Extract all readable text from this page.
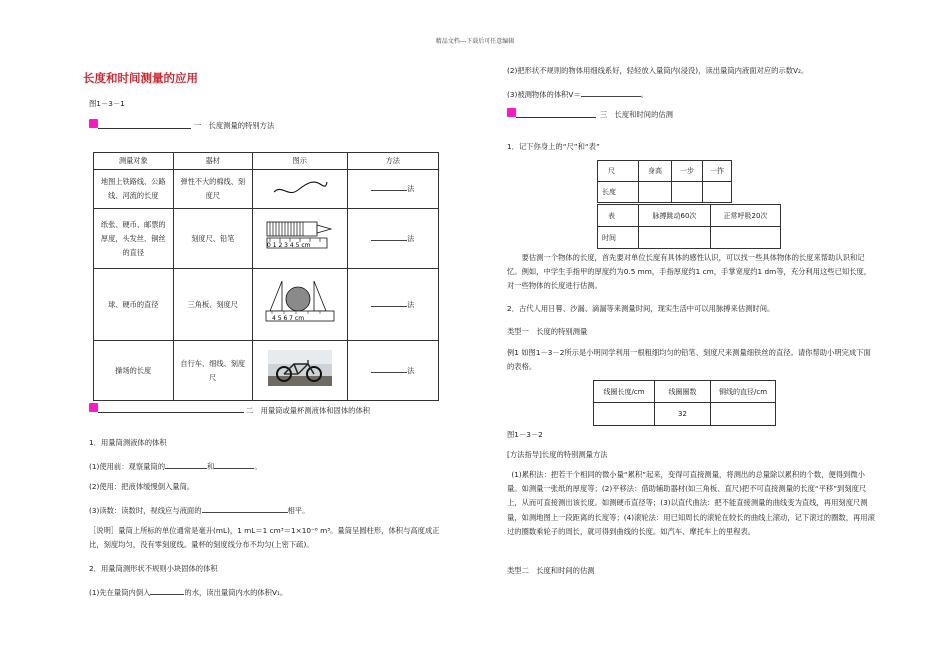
精品文档---下载后可任意编辑
长度和时间测量的应用
图1－3－1
一　长度测量的特别方法
测量对象	器材	图示	方法
地图上铁路线、公路线、河流的长度	弹性不大的棉线、刻度尺		法
纸张、硬币、邮票的厚度，头发丝、铜丝的直径	刻度尺、铅笔	0 1 2 3 4 5 cm	法
球、硬币的直径	三角板、刻度尺	4 5 6 7 cm	法
操场的长度	自行车、细线、刻度尺		法
二　用量筒或量杯测液体和固体的体积
1．用量筒测液体的体积
(1)使用前：观察量筒的	和	。
(2)使用：把液体缓慢倒入量筒。
(3)读数：读数时，视线应与液面的	相平。
［说明］量筒上所标的单位通常是毫升(mL)，1 mL＝1 cm³＝1×10⁻⁶ m³。量筒呈圆柱形，体积与高度成正比，刻度均匀，没有零刻度线。量杯的刻度线分布不均匀(上密下疏)。
2．用量筒测形状不规则小块固体的体积
(1)先在量筒内倒入	的水，读出量筒内水的体积V₁。
(2)把形状不规则的物体用细线系好，轻轻放入量筒内(浸没)，读出量筒内液面对应的示数V₂。
(3)被测物体的体积V＝	。
三　长度和时间的估测
1．记下你身上的“尺”和“表”
尺	身高	一步	一拃
长度			
表	脉搏跳动60次	正常呼吸20次
时间		
要估测一个物体的长度，首先要对单位长度有具体的感性认识，可以找一些具体物体的长度来帮助认识和记忆。例如，中学生手指甲的厚度约为0.5 mm，手指厚度约1 cm，手掌宽度约1 dm等，充分利用这些已知长度，对一些物体的长度进行估测。
2．古代人用日晷、沙漏、滴漏等来测量时间，现实生活中可以用脉搏来估测时间。
类型一　长度的特别测量
例1 如图1－3－2所示是小明同学利用一根粗细均匀的铅笔、刻度尺来测量细铁丝的直径。请你帮助小明完成下面的表格。
线圈长度/cm	线圈圈数	铜线的直径/cm
	32	
图1－3－2
[方法指导]长度的特别测量方法
(1)累积法：把若干个相同的微小量“累积”起来，变得可直接测量，将测出的总量除以累积的个数，便得到微小量。如测量一张纸的厚度等；(2)平移法：借助辅助器材(如三角板、直尺)把不可直接测量的长度“平移”到刻度尺上，从而可直接测出该长度。如测硬币直径等；(3)以直代曲法：把不能直接测量的曲线变为直线，再用刻度尺测量，如测地图上一段距离的长度等；(4)滚轮法：用已知周长的滚轮在较长的曲线上滚动，记下滚过的圈数，再用滚过的圈数乘轮子的周长，就可得到曲线的长度。如汽车、摩托车上的里程表。
类型二　长度和时间的估测
